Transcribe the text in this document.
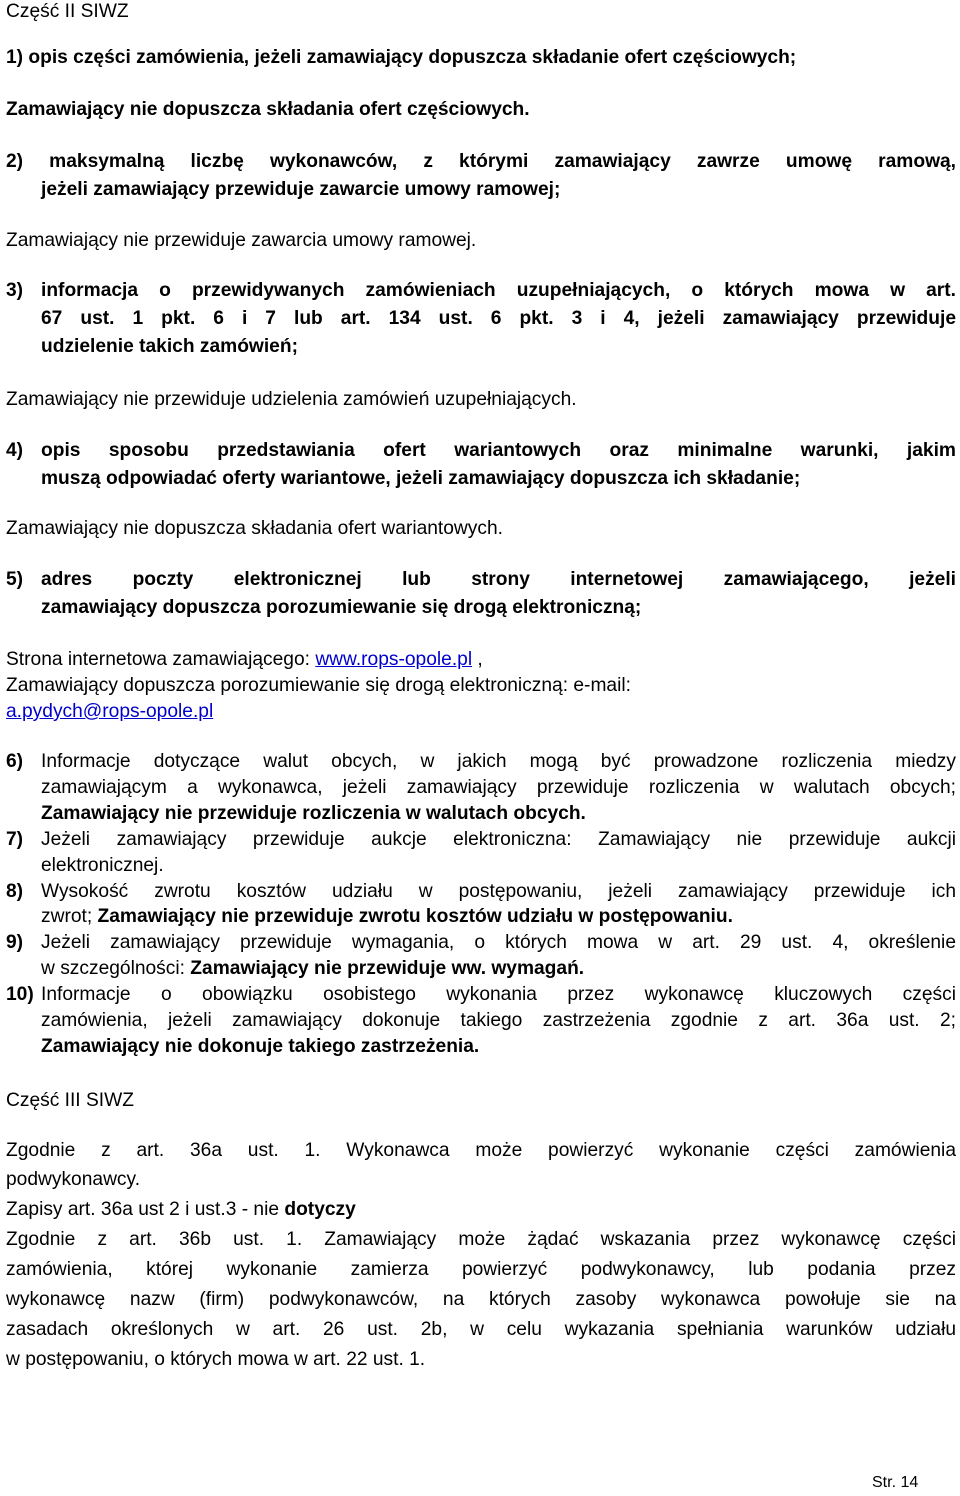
Część II SIWZ
1) opis części zamówienia, jeżeli zamawiający dopuszcza składanie ofert częściowych;
Zamawiający nie dopuszcza składania ofert częściowych.
2) maksymalną liczbę wykonawców, z którymi zamawiający zawrze umowę ramową,
jeżeli zamawiający przewiduje zawarcie umowy ramowej;
Zamawiający nie przewiduje zawarcia umowy ramowej.
3) informacja o przewidywanych zamówieniach uzupełniających, o których mowa w art.
67 ust. 1 pkt. 6 i 7 lub art. 134 ust. 6 pkt. 3 i 4, jeżeli zamawiający przewiduje
udzielenie takich zamówień;
Zamawiający nie przewiduje udzielenia zamówień uzupełniających.
4) opis sposobu przedstawiania ofert wariantowych oraz minimalne warunki, jakim
muszą odpowiadać oferty wariantowe, jeżeli zamawiający dopuszcza ich składanie;
Zamawiający nie dopuszcza składania ofert wariantowych.
5) adres poczty elektronicznej lub strony internetowej zamawiającego, jeżeli
zamawiający dopuszcza porozumiewanie się drogą elektroniczną;
Strona internetowa zamawiającego: www.rops-opole.pl ,
Zamawiający dopuszcza porozumiewanie się drogą elektroniczną: e-mail:
a.pydych@rops-opole.pl
6) Informacje dotyczące walut obcych, w jakich mogą być prowadzone rozliczenia miedzy
zamawiającym a wykonawca, jeżeli zamawiający przewiduje rozliczenia w walutach obcych;
Zamawiający nie przewiduje rozliczenia w walutach obcych.
7) Jeżeli zamawiający przewiduje aukcje elektroniczna: Zamawiający nie przewiduje aukcji
elektronicznej.
8) Wysokość zwrotu kosztów udziału w postępowaniu, jeżeli zamawiający przewiduje ich
zwrot; Zamawiający nie przewiduje zwrotu kosztów udziału w postępowaniu.
9) Jeżeli zamawiający przewiduje wymagania, o których mowa w art. 29 ust. 4, określenie
w szczególności: Zamawiający nie przewiduje ww. wymagań.
10) Informacje o obowiązku osobistego wykonania przez wykonawcę kluczowych części
zamówienia, jeżeli zamawiający dokonuje takiego zastrzeżenia zgodnie z art. 36a ust. 2;
Zamawiający nie dokonuje takiego zastrzeżenia.
Część III SIWZ
Zgodnie z art. 36a ust. 1. Wykonawca może powierzyć wykonanie części zamówienia
podwykonawcy.
Zapisy art. 36a ust 2 i ust.3 - nie dotyczy
Zgodnie z art. 36b ust. 1. Zamawiający może żądać wskazania przez wykonawcę części
zamówienia, której wykonanie zamierza powierzyć podwykonawcy, lub podania przez
wykonawcę nazw (firm) podwykonawców, na których zasoby wykonawca powołuje sie na
zasadach określonych w art. 26 ust. 2b, w celu wykazania spełniania warunków udziału
w postępowaniu, o których mowa w art. 22 ust. 1.
Str. 14
